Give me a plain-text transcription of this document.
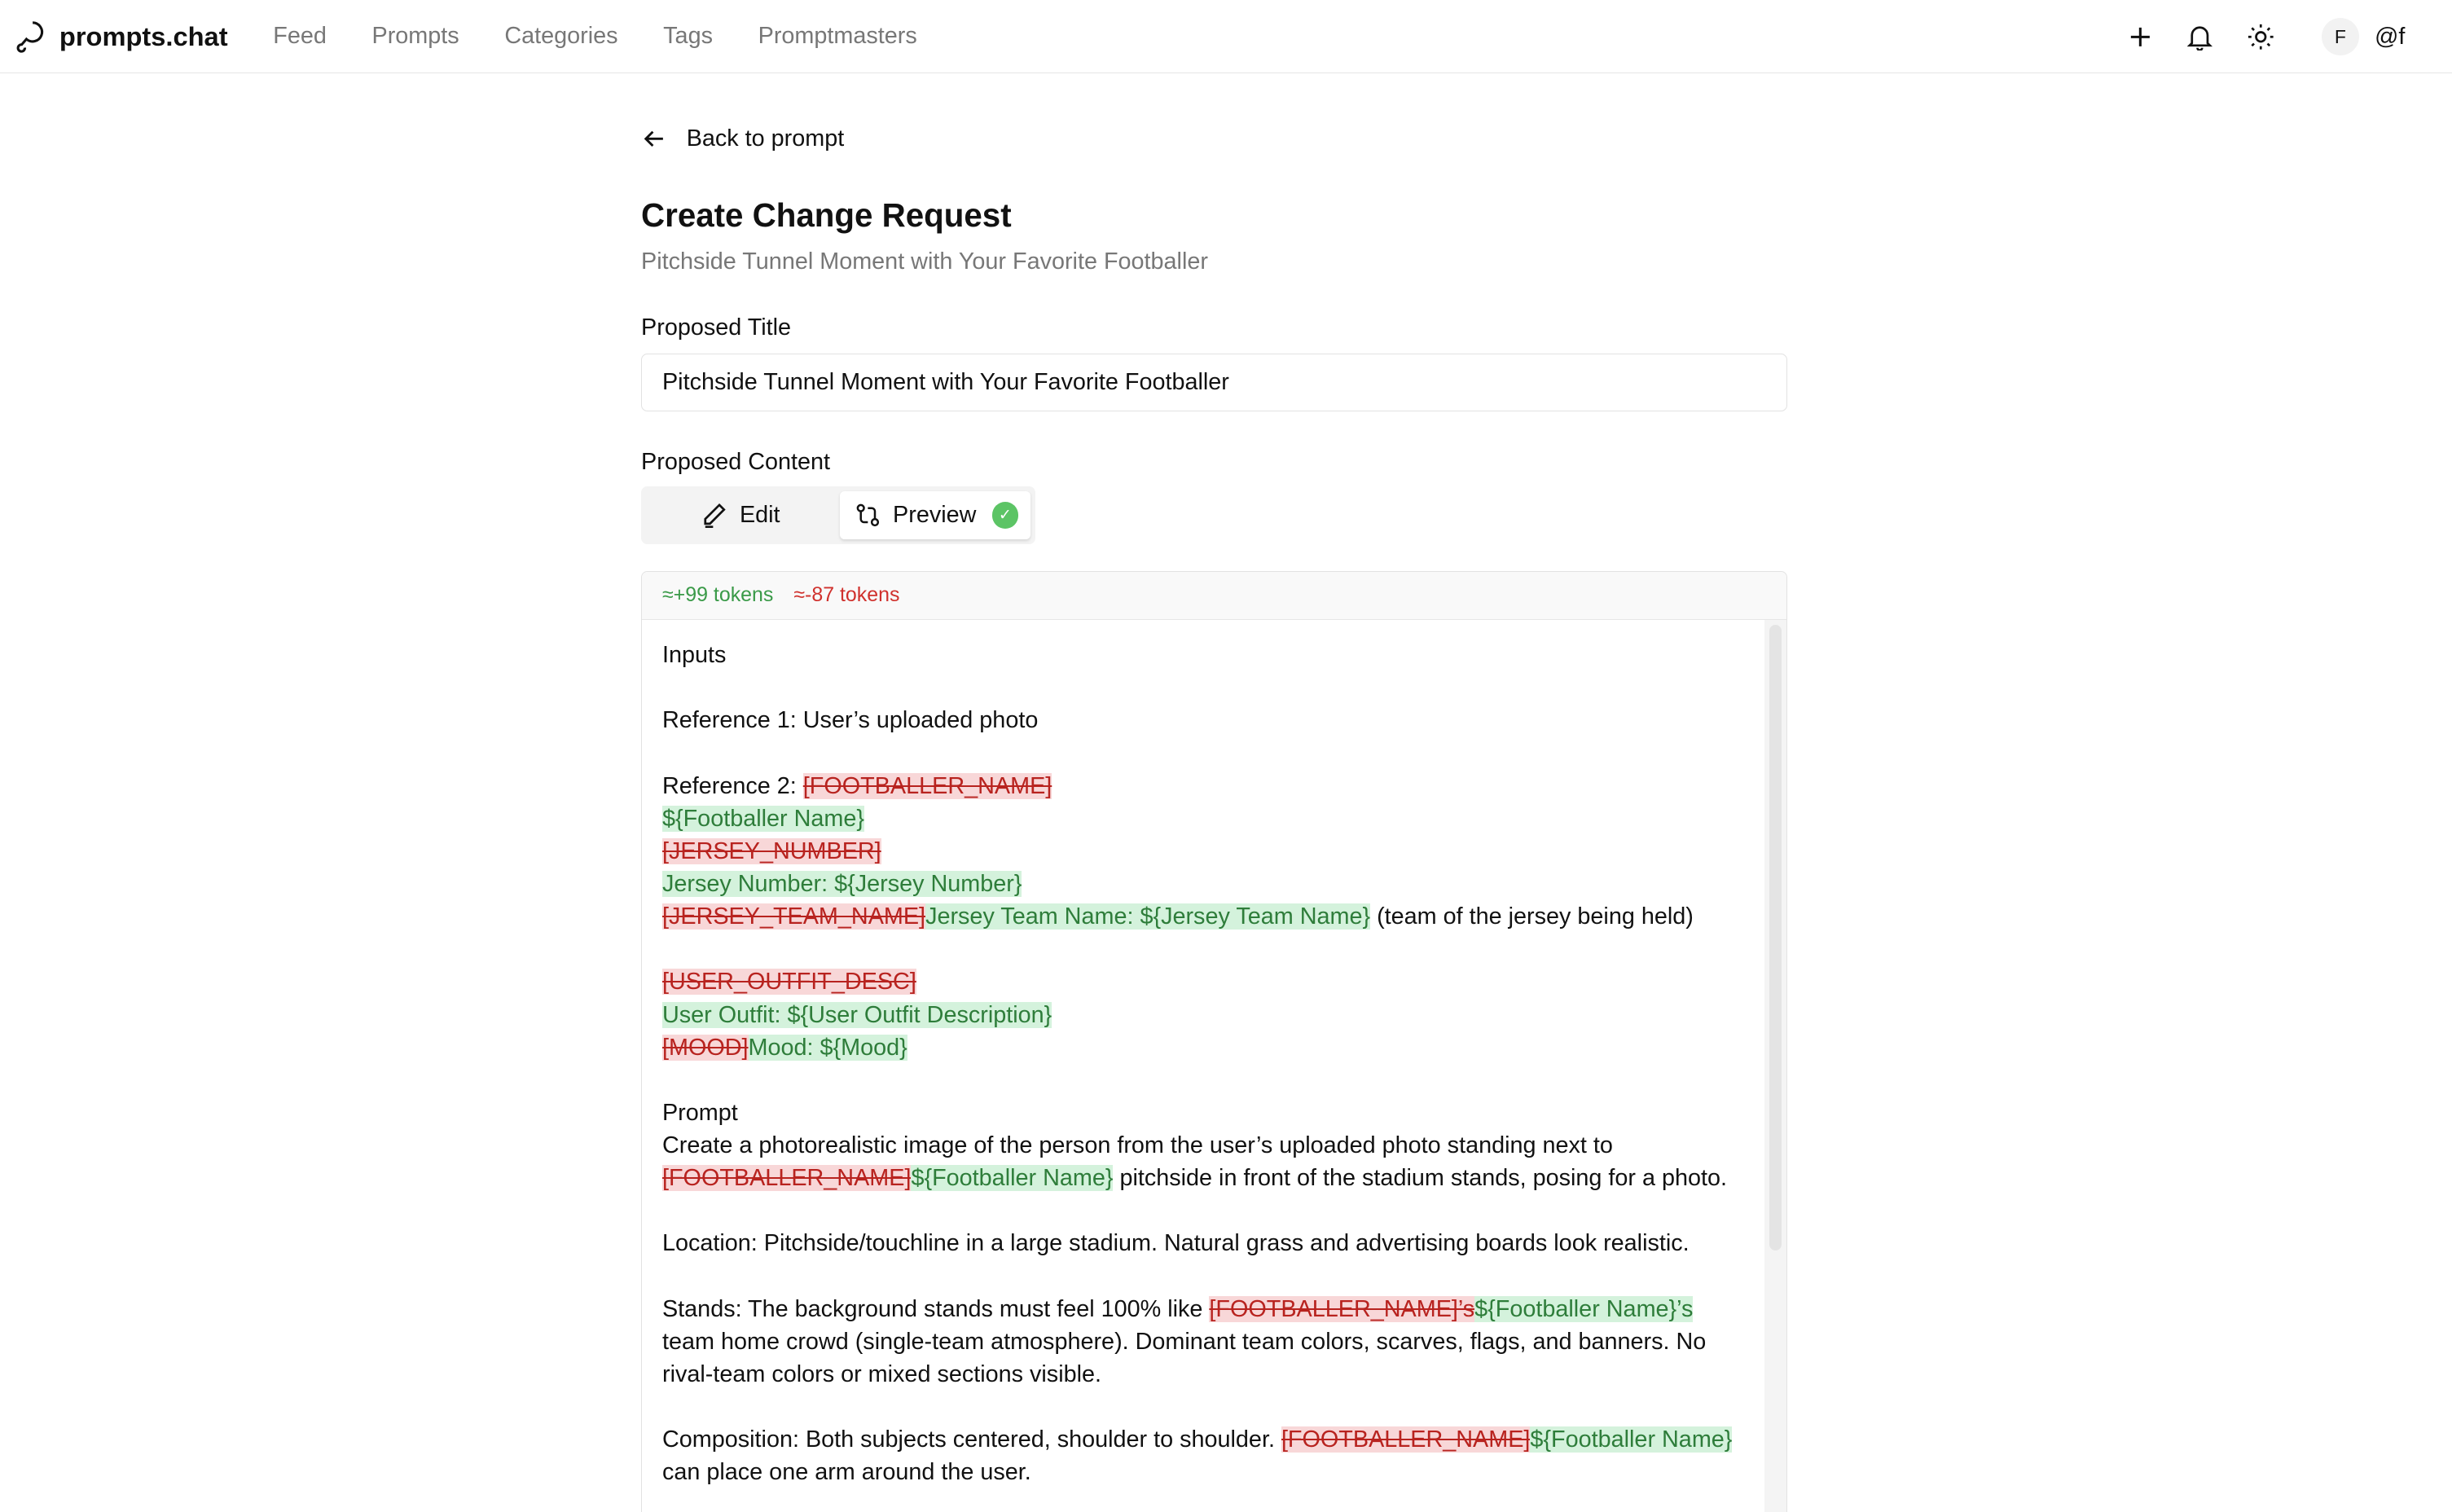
prompts.chat	Feed	Prompts	Categories	Tags	Promptmasters	F	@f
Back to prompt
Create Change Request
Pitchside Tunnel Moment with Your Favorite Footballer
Proposed Title
Pitchside Tunnel Moment with Your Favorite Footballer
Proposed Content
Edit	Preview	✓
≈+99 tokens ≈-87 tokens
Inputs

Reference 1: User’s uploaded photo

Reference 2: [FOOTBALLER_NAME]
${Footballer Name}
[JERSEY_NUMBER]
Jersey Number: ${Jersey Number}
[JERSEY_TEAM_NAME]Jersey Team Name: ${Jersey Team Name} (team of the jersey being held)

[USER_OUTFIT_DESC]
User Outfit: ${User Outfit Description}
[MOOD]Mood: ${Mood}

Prompt
Create a photorealistic image of the person from the user’s uploaded photo standing next to
[FOOTBALLER_NAME]${Footballer Name} pitchside in front of the stadium stands, posing for a photo.

Location: Pitchside/touchline in a large stadium. Natural grass and advertising boards look realistic.

Stands: The background stands must feel 100% like [FOOTBALLER_NAME]’s${Footballer Name}’s
team home crowd (single-team atmosphere). Dominant team colors, scarves, flags, and banners. No
rival-team colors or mixed sections visible.

Composition: Both subjects centered, shoulder to shoulder. [FOOTBALLER_NAME]${Footballer Name}
can place one arm around the user.
